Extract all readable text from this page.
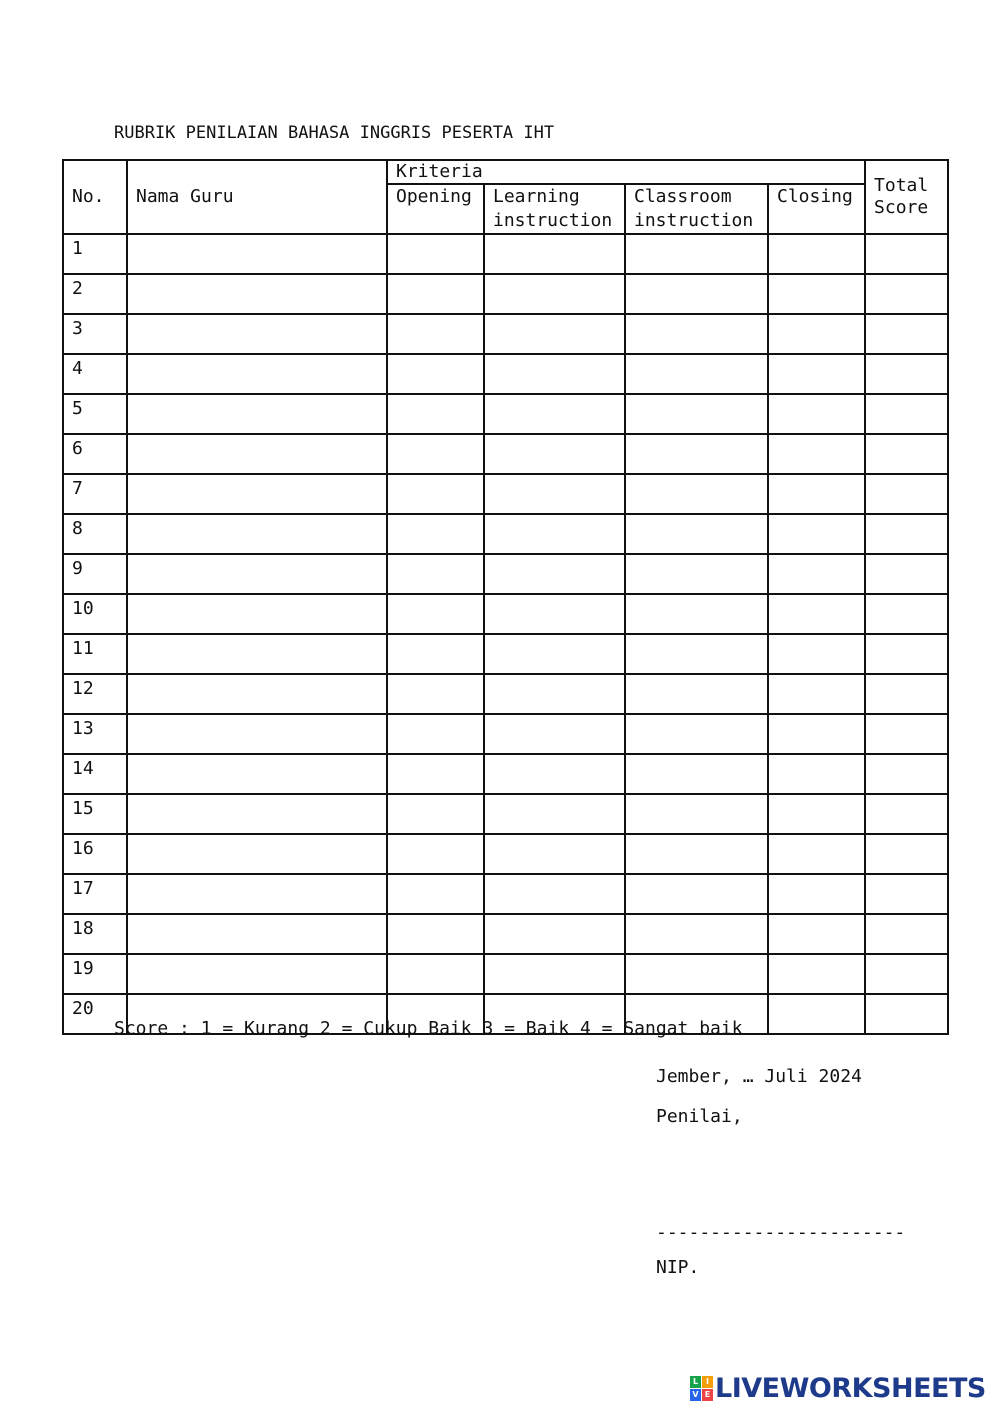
RUBRIK PENILAIAN BAHASA INGGRIS PESERTA IHT
No.	Nama Guru	Kriteria				Total Score
		Opening	Learning instruction	Classroom instruction	Closing	
1						
2						
3						
4						
5						
6						
7						
8						
9						
10						
11						
12						
13						
14						
15						
16						
17						
18						
19						
20						
Score : 1 = Kurang 2 = Cukup Baik 3 = Baik 4 = Sangat baik
Jember, … Juli 2024
Penilai,
-----------------------
NIP.
L I
V E LIVEWORKSHEETS
